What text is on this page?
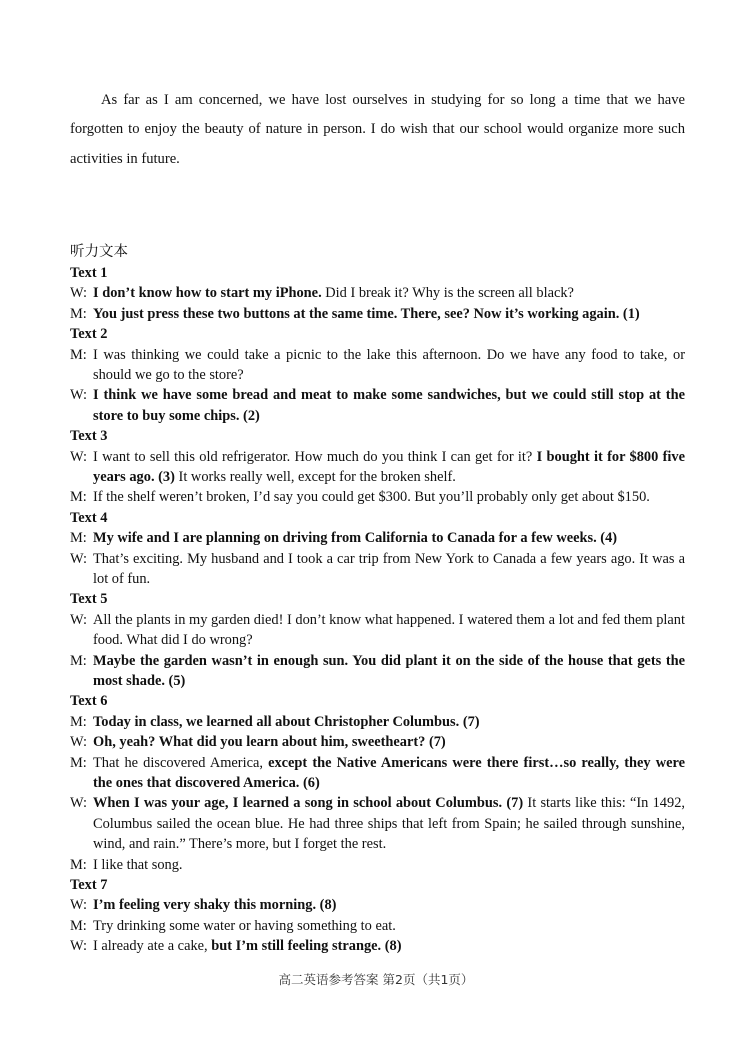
As far as I am concerned, we have lost ourselves in studying for so long a time that we have forgotten to enjoy the beauty of nature in person. I do wish that our school would organize more such activities in future.

听力文本
Text 1
W: I don’t know how to start my iPhone. Did I break it? Why is the screen all black?
M: You just press these two buttons at the same time. There, see? Now it’s working again. (1)
Text 2
M: I was thinking we could take a picnic to the lake this afternoon. Do we have any food to take, or should we go to the store?
W: I think we have some bread and meat to make some sandwiches, but we could still stop at the store to buy some chips. (2)
Text 3
W: I want to sell this old refrigerator. How much do you think I can get for it? I bought it for $800 five years ago. (3) It works really well, except for the broken shelf.
M: If the shelf weren’t broken, I’d say you could get $300. But you’ll probably only get about $150.
Text 4
M: My wife and I are planning on driving from California to Canada for a few weeks. (4)
W: That’s exciting. My husband and I took a car trip from New York to Canada a few years ago. It was a lot of fun.
Text 5
W: All the plants in my garden died! I don’t know what happened. I watered them a lot and fed them plant food. What did I do wrong?
M: Maybe the garden wasn’t in enough sun. You did plant it on the side of the house that gets the most shade. (5)
Text 6
M: Today in class, we learned all about Christopher Columbus. (7)
W: Oh, yeah? What did you learn about him, sweetheart? (7)
M: That he discovered America, except the Native Americans were there first…so really, they were the ones that discovered America. (6)
W: When I was your age, I learned a song in school about Columbus. (7) It starts like this: “In 1492, Columbus sailed the ocean blue. He had three ships that left from Spain; he sailed through sunshine, wind, and rain.” There’s more, but I forget the rest.
M: I like that song.
Text 7
W: I’m feeling very shaky this morning. (8)
M: Try drinking some water or having something to eat.
W: I already ate a cake, but I’m still feeling strange. (8)
高二英语参考答案 第2页（共1页）
